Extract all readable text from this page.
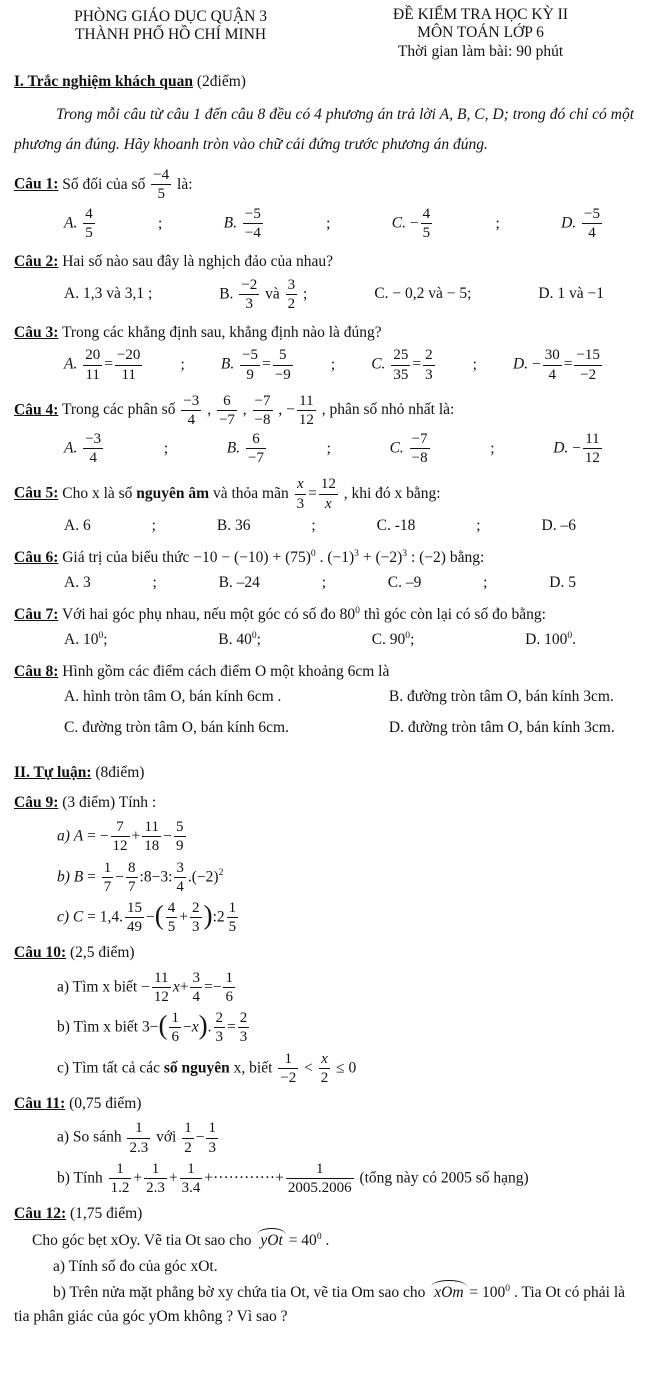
PHÒNG GIÁO DỤC QUẬN 3
THÀNH PHỐ HỒ CHÍ MINH
ĐỀ KIỂM TRA HỌC KỲ II
MÔN TOÁN LỚP 6
Thời gian làm bài: 90 phút
I. Trắc nghiệm khách quan (2điểm)

Trong mỗi câu từ câu 1 đến câu 8 đều có 4 phương án trả lời A, B, C, D; trong đó chỉ có một phương án đúng. Hãy khoanh tròn vào chữ cái đứng trước phương án đúng.

Câu 1: Số đối của số $\frac{-4}{5}$ là:
A. $\frac{4}{5}$	;	B. $\frac{-5}{-4}$	;	C. − $\frac{4}{5}$	;	D. $\frac{-5}{4}$
Câu 2: Hai số nào sau đây là nghịch đảo của nhau?
A. 1,3 và 3,1 ;	B. $\frac{-2}{3}$ và $\frac{3}{2}$ ;	C. − 0,2 và − 5;	D. 1 và −1
Câu 3: Trong các khẳng định sau, khẳng định nào là đúng?
A. $\frac{20}{11} = \frac{-20}{11}$ ; B. $\frac{-5}{9} = \frac{5}{-9}$ ; C. $\frac{25}{35} = \frac{2}{3}$ ; D. − $\frac{30}{4} = \frac{-15}{-2}$
Câu 4: Trong các phân số $\frac{-3}{4}$ , $\frac{6}{-7}$ , $\frac{-7}{-8}$ , − $\frac{11}{12}$ , phân số nhỏ nhất là:
A. $\frac{-3}{4}$	;	B. $\frac{6}{-7}$	;	C. $\frac{-7}{-8}$	;	D. − $\frac{11}{12}$
Câu 5: Cho x là số nguyên âm và thỏa mãn $\frac{x}{3} = \frac{12}{x}$ , khi đó x bằng:
A. 6	;	B. 36	;	C. -18	;	D. –6
Câu 6: Giá trị của biểu thức $-10 - (-10) + (75)^0$ . $(-1)^3 + (-2)^3$ : (−2) bằng:
A. 3	;	B. –24	;	C. –9	;	D. 5
Câu 7: Với hai góc phụ nhau, nếu một góc có số đo $80^0$ thì góc còn lại có số đo bằng:
A. $10^0$;	B. $40^0$;	C. $90^0$;	D. $100^0$.
Câu 8: Hình gồm các điểm cách điểm O một khoảng 6cm là
A. hình tròn tâm O, bán kính 6cm .	B. đường tròn tâm O, bán kính 3cm.
C. đường tròn tâm O, bán kính 6cm.	D. đường tròn tâm O, bán kính 3cm.
II. Tự luận: (8điểm)
Câu 9: (3 điểm) Tính :
a) A = − $\frac{7}{12} + \frac{11}{18} - \frac{5}{9}$
b) $B = \frac{1}{7} - \frac{8}{7}$ :8−3: $\frac{3}{4} .(-2)^2$
c) C = 1,4. $\frac{15}{49}$ −( $\frac{4}{5} + \frac{2}{3}$ ):2 $\frac{1}{5}$
Câu 10: (2,5 điểm)
a) Tìm x biết − $\frac{11}{12} x+ \frac{3}{4} =- \frac{1}{6}$
b) Tìm x biết $3-( \frac{1}{6} -x)$. $\frac{2}{3} = \frac{2}{3}$
c) Tìm tất cả các số nguyên x, biết $\frac{1}{-2} < \frac{x}{2} \le 0$
Câu 11: (0,75 điểm)
a) So sánh $\frac{1}{2.3}$ với $\frac{1}{2} - \frac{1}{3}$
b) Tính $\frac{1}{1.2} + \frac{1}{2.3} + \frac{1}{3.4}$ +············+ $\frac{1}{2005.2006}$ (tổng này có 2005 số hạng)
Câu 12: (1,75 điểm)

Cho góc bẹt xOy. Vẽ tia Ot sao cho yOt = $40^0$ .

a) Tính số đo của góc xOt.

b) Trên nửa mặt phẳng bờ xy chứa tia Ot, vẽ tia Om sao cho xOm = $100^0$ . Tia Ot có phải là tia phân giác của góc yOm không ? Vì sao ?
